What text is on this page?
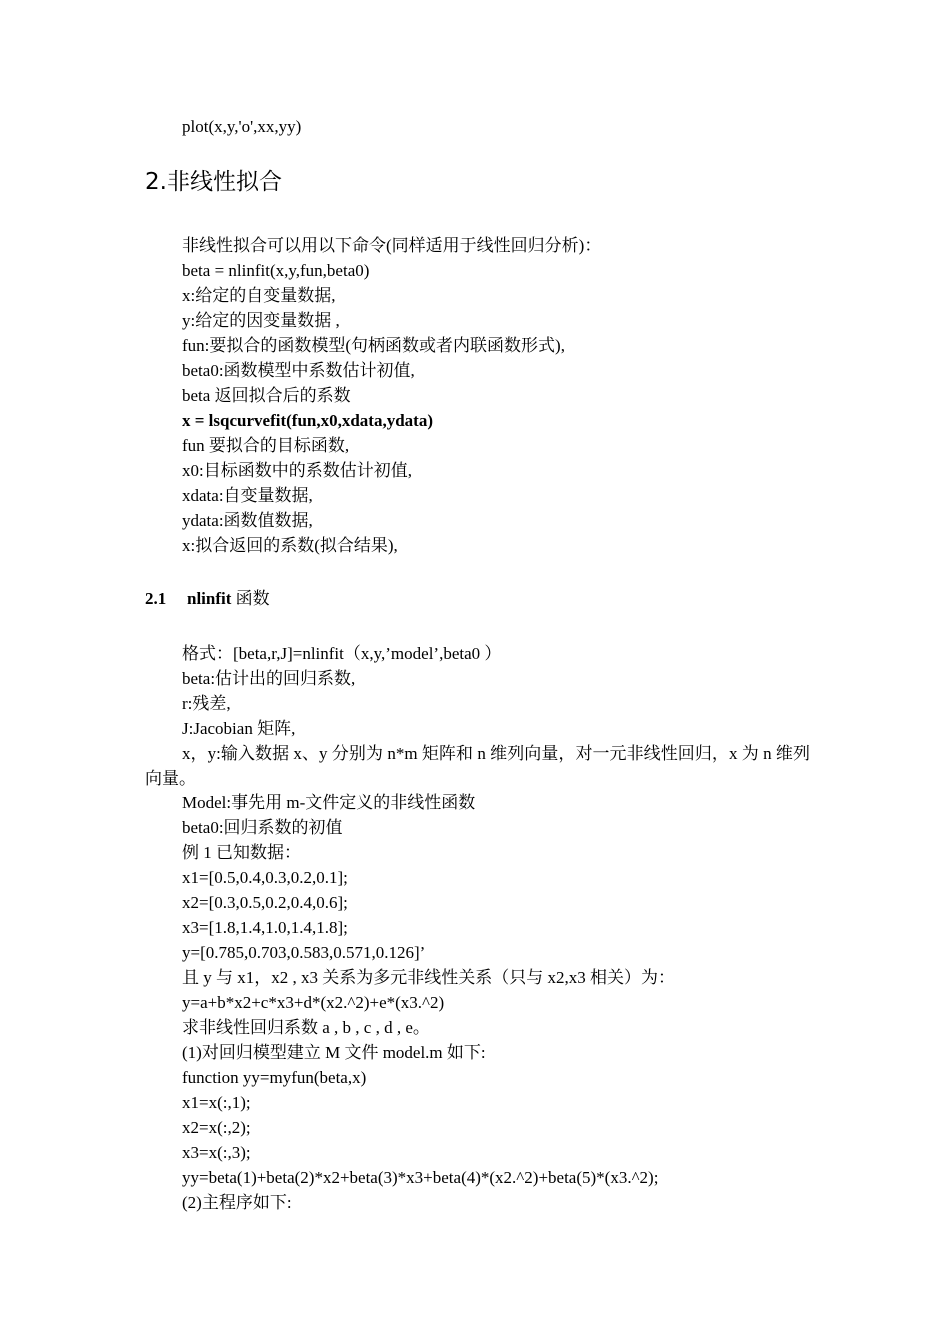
plot(x,y,'o',xx,yy)
2.非线性拟合
非线性拟合可以用以下命令(同样适用于线性回归分析)：
beta = nlinfit(x,y,fun,beta0)
x:给定的自变量数据,
y:给定的因变量数据 ,
fun:要拟合的函数模型(句柄函数或者内联函数形式),
beta0:函数模型中系数估计初值,
beta 返回拟合后的系数
x = lsqcurvefit(fun,x0,xdata,ydata)
fun 要拟合的目标函数,
x0:目标函数中的系数估计初值,
xdata:自变量数据,
ydata:函数值数据,
x:拟合返回的系数(拟合结果),
2.1 nlinfit 函数
格式：[beta,r,J]=nlinfit（x,y,’model’,beta0 ）
beta:估计出的回归系数,
r:残差,
J:Jacobian 矩阵,
x，y:输入数据 x、y 分别为 n*m 矩阵和 n 维列向量，对一元非线性回归，x 为 n 维列向量。
Model:事先用 m-文件定义的非线性函数
beta0:回归系数的初值
例 1 已知数据：
x1=[0.5,0.4,0.3,0.2,0.1];
x2=[0.3,0.5,0.2,0.4,0.6];
x3=[1.8,1.4,1.0,1.4,1.8];
y=[0.785,0.703,0.583,0.571,0.126]’
且 y 与 x1，x2 , x3 关系为多元非线性关系（只与 x2,x3 相关）为：
y=a+b*x2+c*x3+d*(x2.^2)+e*(x3.^2)
求非线性回归系数 a , b , c , d , e。
(1)对回归模型建立 M 文件 model.m 如下:
function yy=myfun(beta,x)
x1=x(:,1);
x2=x(:,2);
x3=x(:,3);
yy=beta(1)+beta(2)*x2+beta(3)*x3+beta(4)*(x2.^2)+beta(5)*(x3.^2);
(2)主程序如下:
